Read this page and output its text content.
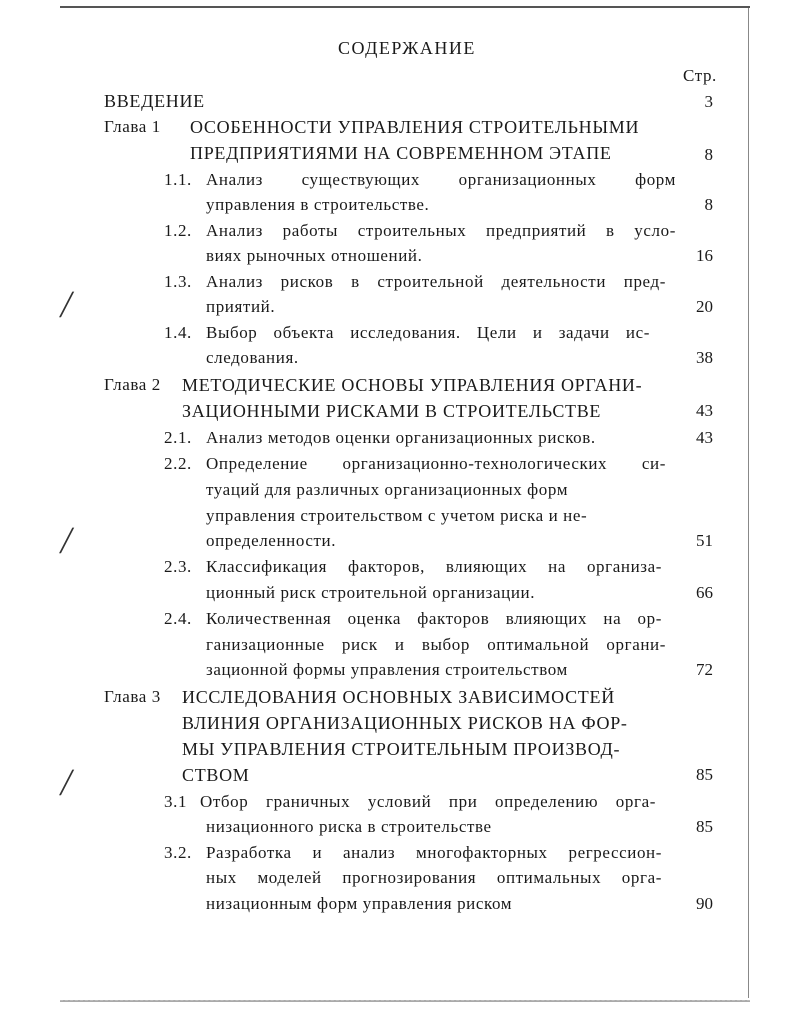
╱
╱
╱
СОДЕРЖАНИЕ
Стр.
ВВЕДЕНИЕ	3
Глава 1 ОСОБЕННОСТИ УПРАВЛЕНИЯ СТРОИТЕЛЬНЫМИ
ПРЕДПРИЯТИЯМИ НА СОВРЕМЕННОМ ЭТАПЕ	8
1.1. Анализ существующих организационных форм
управления в строительстве.	8
1.2. Анализ работы строительных предприятий в усло-
виях рыночных отношений.	16
1.3. Анализ рисков в строительной деятельности пред-
приятий.	20
1.4. Выбор объекта исследования. Цели и задачи ис-
следования.	38
Глава 2 МЕТОДИЧЕСКИЕ ОСНОВЫ УПРАВЛЕНИЯ ОРГАНИ-
ЗАЦИОННЫМИ РИСКАМИ В СТРОИТЕЛЬСТВЕ	43
2.1. Анализ методов оценки организационных рисков.	43
2.2. Определение организационно-технологических си-
туаций для различных организационных форм
управления строительством с учетом риска и не-
определенности.	51
2.3. Классификация факторов, влияющих на организа-
ционный риск строительной организации.	66
2.4. Количественная оценка факторов влияющих на ор-
ганизационные риск и выбор оптимальной органи-
зационной формы управления строительством	72
Глава 3 ИССЛЕДОВАНИЯ ОСНОВНЫХ ЗАВИСИМОСТЕЙ
ВЛИНИЯ ОРГАНИЗАЦИОННЫХ РИСКОВ НА ФОР-
МЫ УПРАВЛЕНИЯ СТРОИТЕЛЬНЫМ ПРОИЗВОД-
СТВОМ	85
3.1 Отбор граничных условий при определению орга-
низационного риска в строительстве	85
3.2. Разработка и анализ многофакторных регрессион-
ных моделей прогнозирования оптимальных орга-
низационным форм управления риском	90
